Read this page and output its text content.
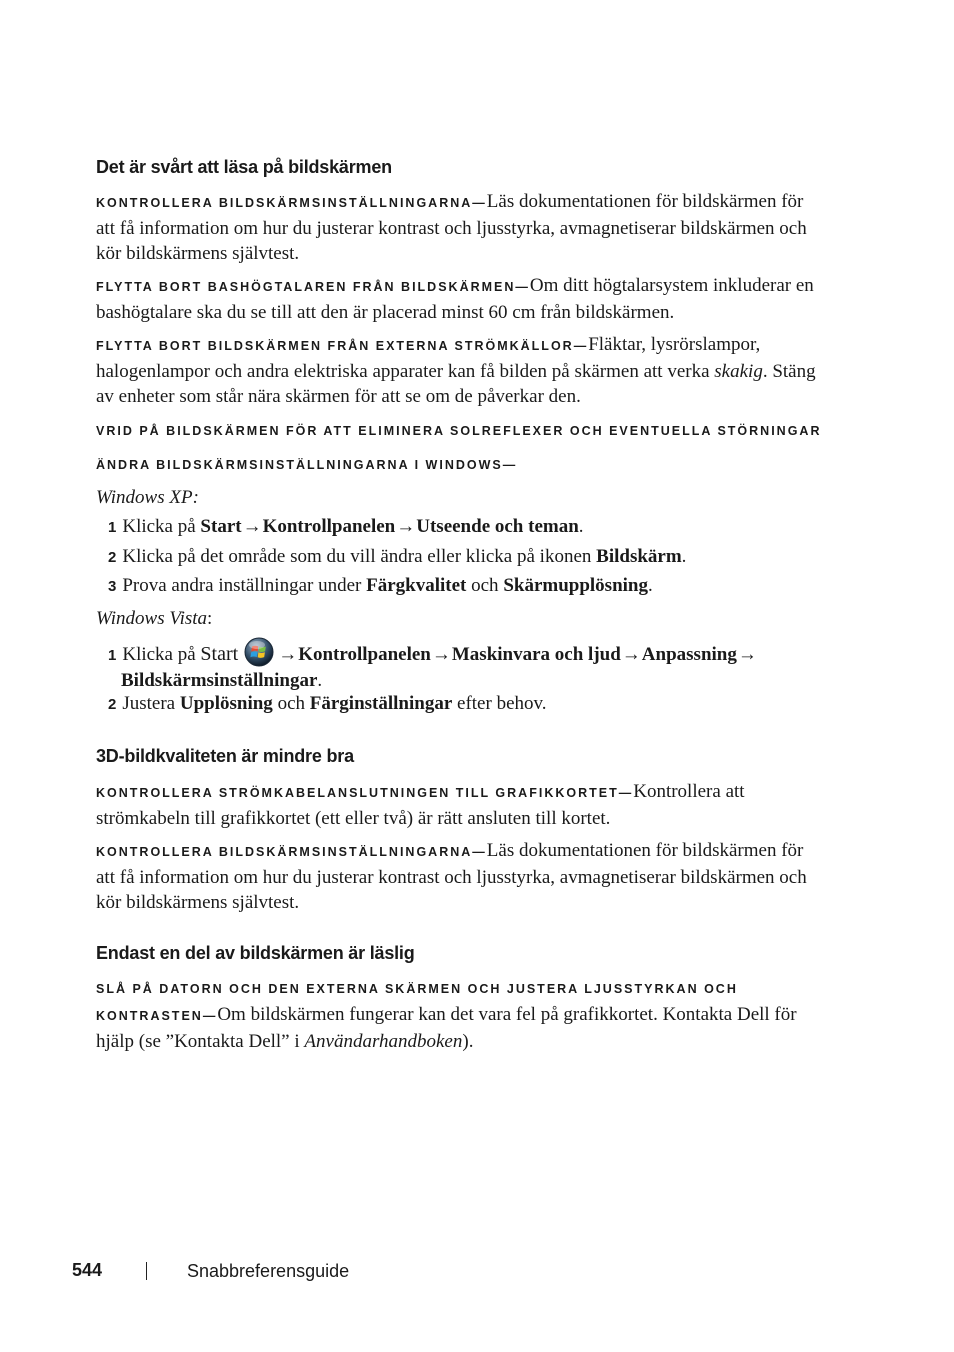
Det är svårt att läsa på bildskärmen

KONTROLLERA BILDSKÄRMSINSTÄLLNINGARNA—Läs dokumentationen för bildskärmen för att få information om hur du justerar kontrast och ljusstyrka, avmagnetiserar bildskärmen och kör bildskärmens självtest.

FLYTTA BORT BASHÖGTALAREN FRÅN BILDSKÄRMEN—Om ditt högtalarsystem inkluderar en bashögtalare ska du se till att den är placerad minst 60 cm från bildskärmen.

FLYTTA BORT BILDSKÄRMEN FRÅN EXTERNA STRÖMKÄLLOR—Fläktar, lysrörslampor, halogenlampor och andra elektriska apparater kan få bilden på skärmen att verka skakig. Stäng av enheter som står nära skärmen för att se om de påverkar den.

VRID PÅ BILDSKÄRMEN FÖR ATT ELIMINERA SOLREFLEXER OCH EVENTUELLA STÖRNINGAR

ÄNDRA BILDSKÄRMSINSTÄLLNINGARNA I WINDOWS—

Windows XP:

1 Klicka på Start→Kontrollpanelen→Utseende och teman.

2 Klicka på det område som du vill ändra eller klicka på ikonen Bildskärm.

3 Prova andra inställningar under Färgkvalitet och Skärmupplösning.

Windows Vista:

1 Klicka på Start →Kontrollpanelen→Maskinvara och ljud→Anpassning→
Bildskärmsinställningar.

2 Justera Upplösning och Färginställningar efter behov.

3D-bildkvaliteten är mindre bra

KONTROLLERA STRÖMKABELANSLUTNINGEN TILL GRAFIKKORTET—Kontrollera att strömkabeln till grafikkortet (ett eller två) är rätt ansluten till kortet.

KONTROLLERA BILDSKÄRMSINSTÄLLNINGARNA—Läs dokumentationen för bildskärmen för att få information om hur du justerar kontrast och ljusstyrka, avmagnetiserar bildskärmen och kör bildskärmens självtest.

Endast en del av bildskärmen är läslig

SLÅ PÅ DATORN OCH DEN EXTERNA SKÄRMEN OCH JUSTERA LJUSSTYRKAN OCH KONTRASTEN—Om bildskärmen fungerar kan det vara fel på grafikkortet. Kontakta Dell för hjälp (se ”Kontakta Dell” i Användarhandboken).

544	Snabbreferensguide
